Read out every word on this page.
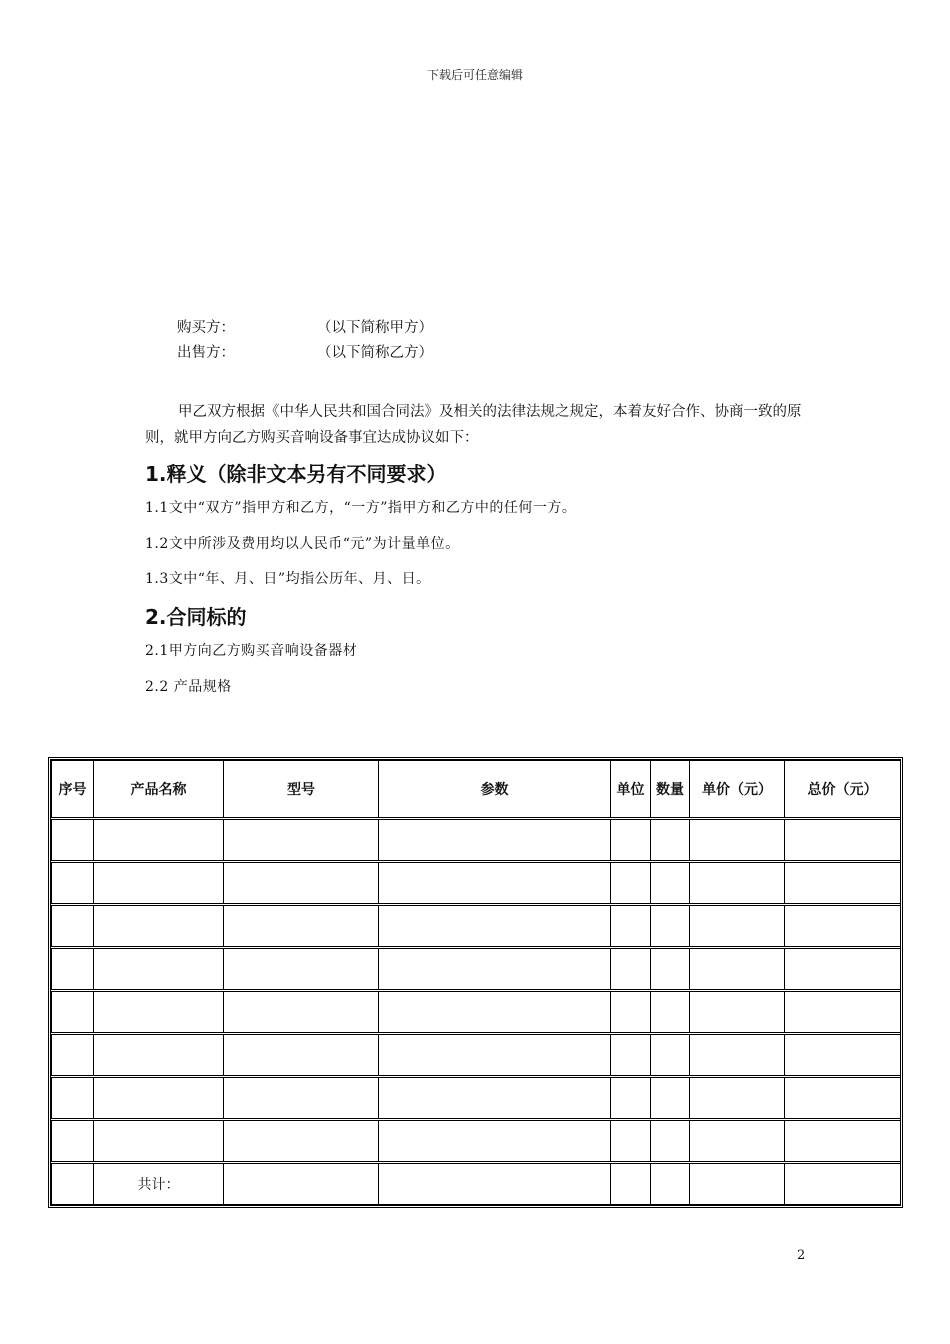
下载后可任意编辑
购买方：	（以下简称甲方）
出售方：	（以下简称乙方）
甲乙双方根据《中华人民共和国合同法》及相关的法律法规之规定，本着友好合作、协商一致的原则，就甲方向乙方购买音响设备事宜达成协议如下：
1.释义（除非文本另有不同要求）
1.1文中“双方”指甲方和乙方，“一方”指甲方和乙方中的任何一方。
1.2文中所涉及费用均以人民币“元”为计量单位。
1.3文中“年、月、日”均指公历年、月、日。
2.合同标的
2.1甲方向乙方购买音响设备器材
2.2 产品规格
序号	产品名称	型号	参数	单位	数量	单价（元）	总价（元）

	共计：						
2
